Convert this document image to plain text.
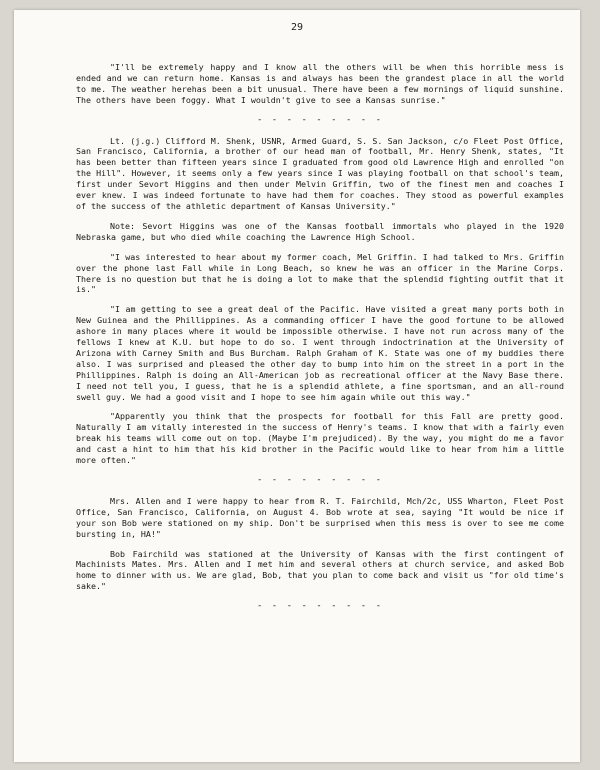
29

"I'll be extremely happy and I know all the others will be when this horrible mess is ended and we can return home. Kansas is and always has been the grandest place in all the world to me. The weather herehas been a bit unusual. There have been a few mornings of liquid sunshine. The others have been foggy. What I wouldn't give to see a Kansas sunrise."

- - - - - - - - -

Lt. (j.g.) Clifford M. Shenk, USNR, Armed Guard, S. S. San Jackson, c/o Fleet Post Office, San Francisco, California, a brother of our head man of football, Mr. Henry Shenk, states, "It has been better than fifteen years since I graduated from good old Lawrence High and enrolled "on the Hill". However, it seems only a few years since I was playing football on that school's team, first under Sevort Higgins and then under Melvin Griffin, two of the finest men and coaches I ever knew. I was indeed fortunate to have had them for coaches. They stood as powerful examples of the success of the athletic department of Kansas University."

Note: Sevort Higgins was one of the Kansas football immortals who played in the 1920 Nebraska game, but who died while coaching the Lawrence High School.

"I was interested to hear about my former coach, Mel Griffin. I had talked to Mrs. Griffin over the phone last Fall while in Long Beach, so knew he was an officer in the Marine Corps. There is no question but that he is doing a lot to make that the splendid fighting outfit that it is."

"I am getting to see a great deal of the Pacific. Have visited a great many ports both in New Guinea and the Phillippines. As a commanding officer I have the good fortune to be allowed ashore in many places where it would be impossible otherwise. I have not run across many of the fellows I knew at K.U. but hope to do so. I went through indoctrination at the University of Arizona with Carney Smith and Bus Burcham. Ralph Graham of K. State was one of my buddies there also. I was surprised and pleased the other day to bump into him on the street in a port in the Phillippines. Ralph is doing an All-American job as recreational officer at the Navy Base there. I need not tell you, I guess, that he is a splendid athlete, a fine sportsman, and an all-round swell guy. We had a good visit and I hope to see him again while out this way."

"Apparently you think that the prospects for football for this Fall are pretty good. Naturally I am vitally interested in the success of Henry's teams. I know that with a fairly even break his teams will come out on top. (Maybe I'm prejudiced). By the way, you might do me a favor and cast a hint to him that his kid brother in the Pacific would like to hear from him a little more often."

- - - - - - - - -

Mrs. Allen and I were happy to hear from R. T. Fairchild, Mch/2c, USS Wharton, Fleet Post Office, San Francisco, California, on August 4. Bob wrote at sea, saying "It would be nice if your son Bob were stationed on my ship. Don't be surprised when this mess is over to see me come bursting in, HA!"

Bob Fairchild was stationed at the University of Kansas with the first contingent of Machinists Mates. Mrs. Allen and I met him and several others at church service, and asked Bob home to dinner with us. We are glad, Bob, that you plan to come back and visit us "for old time's sake."

- - - - - - - - -
